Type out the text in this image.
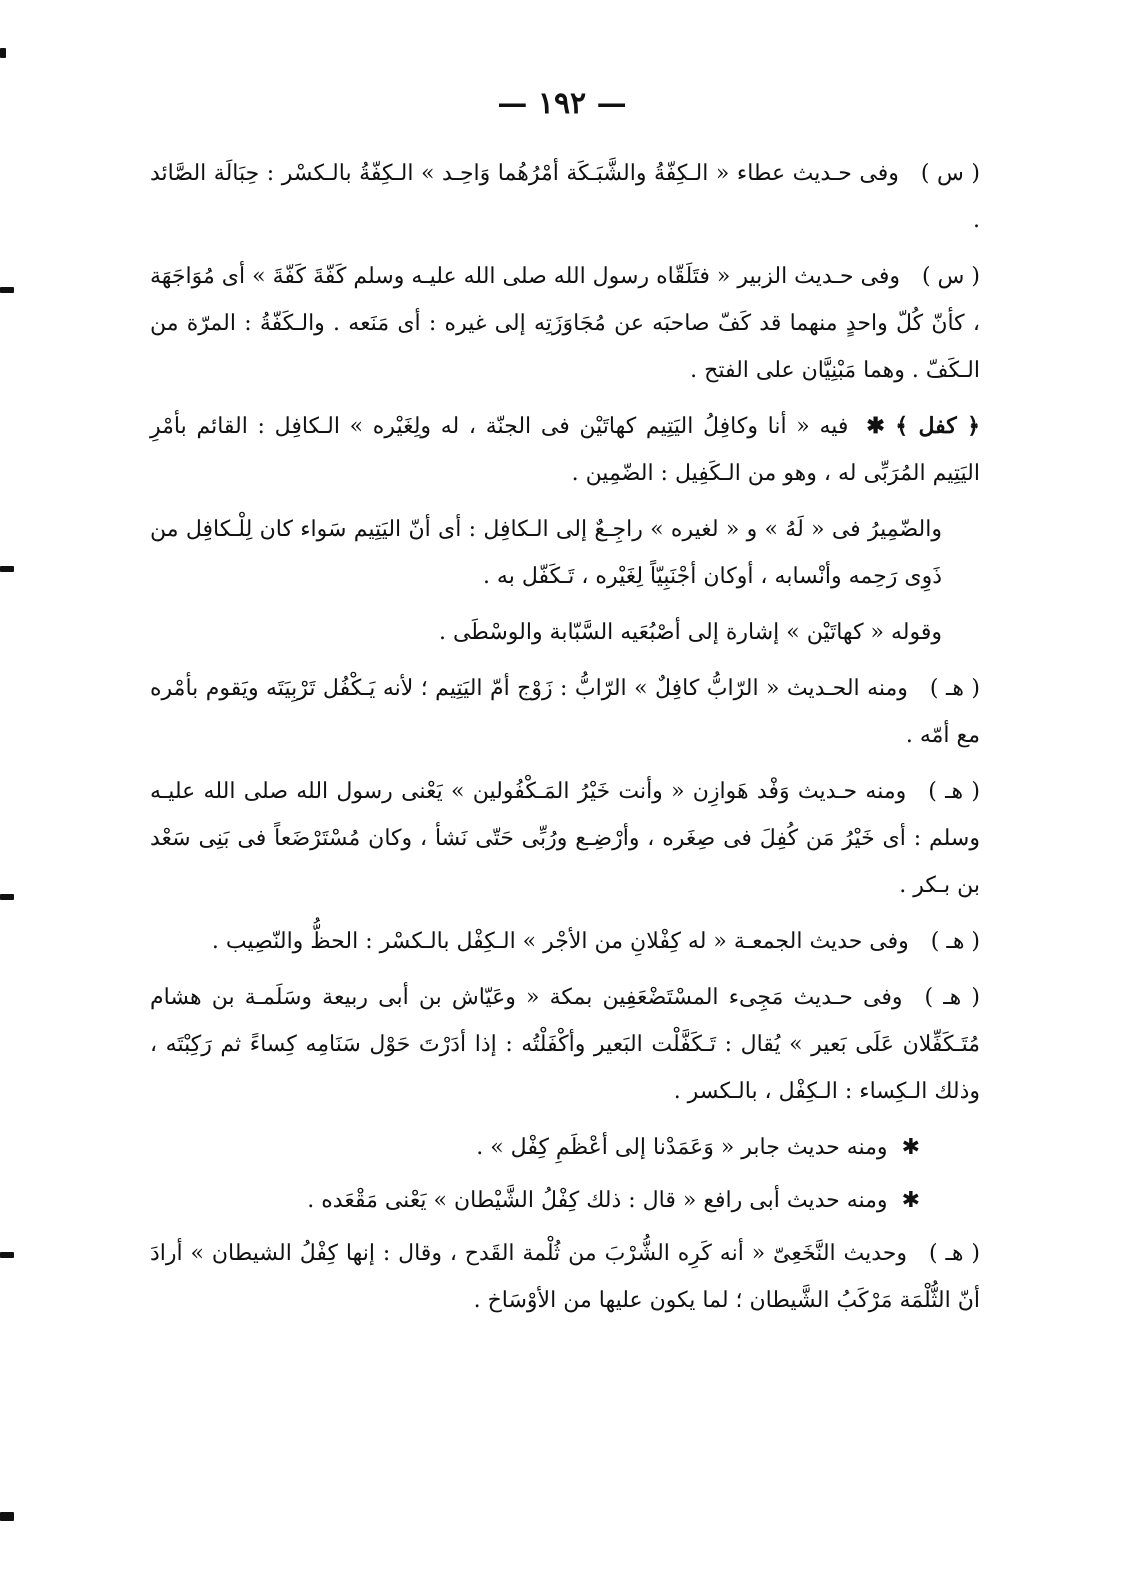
— ١٩٢ —

( س )وفى حـديث عطاء « الـكِفّةُ والشَّبَـكَة أمْرُهُما وَاحِـد » الـكِفّةُ بالـكسْر : حِبَالَة الصَّائد .

( س )وفى حـديث الزبير « فتَلَقّاه رسول الله صلى الله عليـه وسلم كَفّةَ كَفّةَ » أى مُوَاجَهَة ، كأنّ كُلّ واحدٍ منهما قد كَفّ صاحبَه عن مُجَاوَزَتِه إلى غيره : أى مَنَعه . والـكَفّةُ : المرّة من الـكَفّ . وهما مَبْنِيَّان على الفتح .

﴿ كفل ﴾ ✱فيه « أنا وكافِلُ اليَتِيم كهاتَيْن فى الجنّة ، له ولِغَيْره » الـكافِل : القائم بأمْرِ اليَتِيم المُرَبِّى له ، وهو من الـكَفِيل : الضّمِين .

والضّمِيرُ فى « لَهُ » و « لغيره » راجِـعٌ إلى الـكافِل : أى أنّ اليَتِيم سَواء كان لِلْـكافِل من ذَوِى رَحِمه وأنْسابه ، أوكان أجْنَبِيّاً لِغَيْره ، تَـكَفّل به .

وقوله « كهاتَيْن » إشارة إلى أصْبُعَيه السَّبّابة والوسْطَى .

( هـ )ومنه الحـديث « الرّابُّ كافِلٌ » الرّابُّ : زَوْج أمّ اليَتِيم ؛ لأنه يَـكْفُل تَرْبِيَتَه ويَقوم بأمْره مع أمّه .

( هـ )ومنه حـديث وَفْد هَوازِن « وأنت خَيْرُ المَـكْفُولين » يَعْنى رسول الله صلى الله عليـه وسلم : أى خَيْرُ مَن كُفِلَ فى صِغَره ، وأرْضِـع ورُبِّى حَتّى نَشأ ، وكان مُسْتَرْضَعاً فى بَنِى سَعْد بن بـكر .

( هـ )وفى حديث الجمعـة « له كِفْلانِ من الأجْر » الـكِفْل بالـكسْر : الحظُّ والنّصِيب .

( هـ )وفى حـديث مَجِىء المسْتَضْعَفِين بمكة « وعَيّاش بن أبى ربيعة وسَلَمـة بن هشام مُتَـكَفِّلان عَلَى بَعير » يُقال : تَـكَفَّلْت البَعير وأكْفَلْتُه : إذا أدَرْتَ حَوْل سَنَامِه كِساءً ثم رَكِبْتَه ، وذلك الـكِساء : الـكِفْل ، بالـكسر .

✱ومنه حديث جابر « وَعَمَدْنا إلى أعْظَمِ كِفْل » .

✱ومنه حديث أبى رافع « قال : ذلك كِفْلُ الشَّيْطان » يَعْنى مَقْعَده .

( هـ )وحديث النَّخَعِىّ « أنه كَرِه الشُّرْبَ من ثُلْمة القَدح ، وقال : إنها كِفْلُ الشيطان » أرادَ أنّ الثُّلْمَة مَرْكَبُ الشَّيطان ؛ لما يكون عليها من الأوْسَاخ .
